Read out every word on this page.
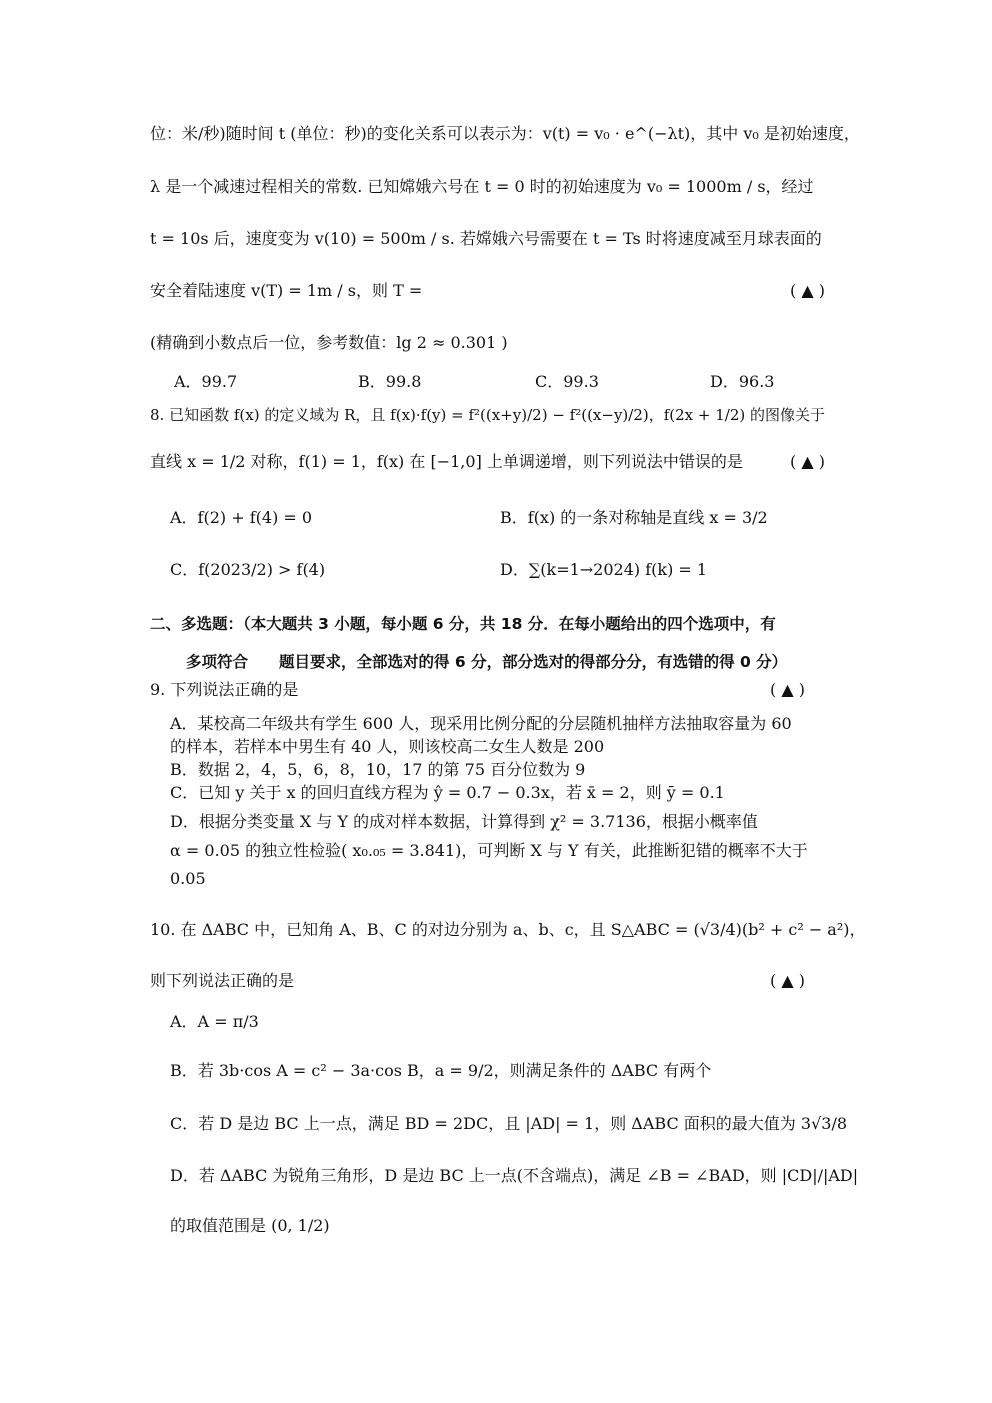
位：米/秒)随时间 t (单位：秒)的变化关系可以表示为：v(t) = v₀ · e^(−λt)，其中 v₀ 是初始速度，
λ 是一个减速过程相关的常数. 已知嫦娥六号在 t = 0 时的初始速度为 v₀ = 1000m / s，经过
t = 10s 后，速度变为 v(10) = 500m / s. 若嫦娥六号需要在 t = Ts 时将速度减至月球表面的
安全着陆速度 v(T) = 1m / s，则 T =	( ▲ )
(精确到小数点后一位，参考数值：lg 2 ≈ 0.301 )
A．99.7	B．99.8	C．99.3	D．96.3
8. 已知函数 f(x) 的定义域为 R，且 f(x)·f(y) = f²((x+y)/2) − f²((x−y)/2)，f(2x + 1/2) 的图像关于
直线 x = 1/2 对称，f(1) = 1，f(x) 在 [−1,0] 上单调递增，则下列说法中错误的是	( ▲ )
A．f(2) + f(4) = 0	B．f(x) 的一条对称轴是直线 x = 3/2
C．f(2023/2) > f(4)	D．∑(k=1→2024) f(k) = 1
二、多选题：（本大题共 3 小题，每小题 6 分，共 18 分．在每小题给出的四个选项中，有
多项符合　　题目要求，全部选对的得 6 分，部分选对的得部分分，有选错的得 0 分）
9. 下列说法正确的是	( ▲ )
A．某校高二年级共有学生 600 人，现采用比例分配的分层随机抽样方法抽取容量为 60
的样本，若样本中男生有 40 人，则该校高二女生人数是 200
B．数据 2，4，5，6，8，10，17 的第 75 百分位数为 9
C．已知 y 关于 x 的回归直线方程为 ŷ = 0.7 − 0.3x，若 x̄ = 2，则 ȳ = 0.1
D．根据分类变量 X 与 Y 的成对样本数据，计算得到 χ² = 3.7136，根据小概率值
α = 0.05 的独立性检验( x₀.₀₅ = 3.841)，可判断 X 与 Y 有关，此推断犯错的概率不大于
0.05
10. 在 ΔABC 中，已知角 A、B、C 的对边分别为 a、b、c，且 S△ABC = (√3/4)(b² + c² − a²)，
则下列说法正确的是	( ▲ )
A．A = π/3
B．若 3b·cos A = c² − 3a·cos B，a = 9/2，则满足条件的 ΔABC 有两个
C．若 D 是边 BC 上一点，满足 BD = 2DC，且 |AD| = 1，则 ΔABC 面积的最大值为 3√3/8
D．若 ΔABC 为锐角三角形，D 是边 BC 上一点(不含端点)，满足 ∠B = ∠BAD，则 |CD|/|AD|
的取值范围是 (0, 1/2)
